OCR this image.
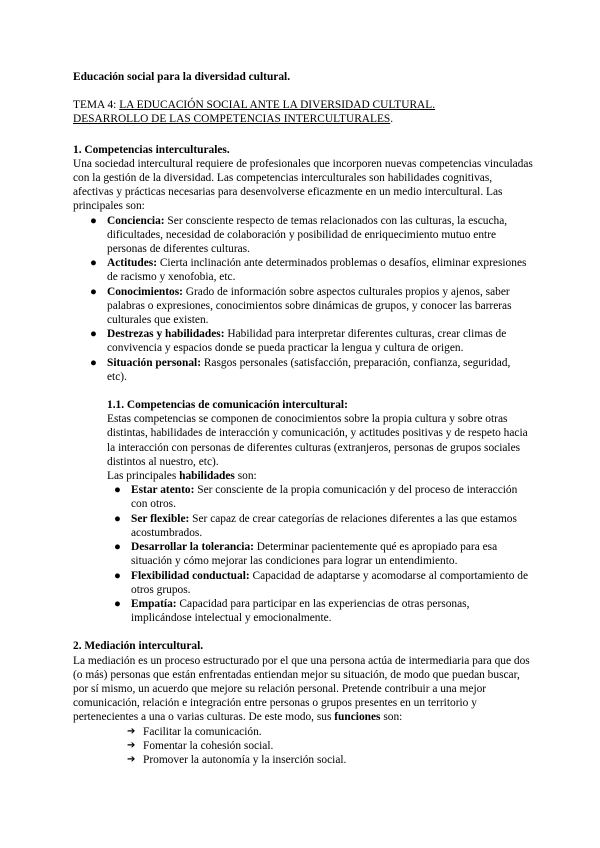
Educación social para la diversidad cultural.

TEMA 4: LA EDUCACIÓN SOCIAL ANTE LA DIVERSIDAD CULTURAL.
DESARROLLO DE LAS COMPETENCIAS INTERCULTURALES.

1. Competencias interculturales.

Una sociedad intercultural requiere de profesionales que incorporen nuevas competencias vinculadas con la gestión de la diversidad. Las competencias interculturales son habilidades cognitivas, afectivas y prácticas necesarias para desenvolverse eficazmente en un medio intercultural. Las principales son:

● Conciencia: Ser consciente respecto de temas relacionados con las culturas, la escucha, dificultades, necesidad de colaboración y posibilidad de enriquecimiento mutuo entre personas de diferentes culturas.
● Actitudes: Cierta inclinación ante determinados problemas o desafíos, eliminar expresiones de racismo y xenofobia, etc.
● Conocimientos: Grado de información sobre aspectos culturales propios y ajenos, saber palabras o expresiones, conocimientos sobre dinámicas de grupos, y conocer las barreras culturales que existen.
● Destrezas y habilidades: Habilidad para interpretar diferentes culturas, crear climas de convivencia y espacios donde se pueda practicar la lengua y cultura de origen.
● Situación personal: Rasgos personales (satisfacción, preparación, confianza, seguridad, etc).

1.1. Competencias de comunicación intercultural:

Estas competencias se componen de conocimientos sobre la propia cultura y sobre otras distintas, habilidades de interacción y comunicación, y actitudes positivas y de respeto hacia la interacción con personas de diferentes culturas (extranjeros, personas de grupos sociales distintos al nuestro, etc).

Las principales habilidades son:

● Estar atento: Ser consciente de la propia comunicación y del proceso de interacción con otros.
● Ser flexible: Ser capaz de crear categorías de relaciones diferentes a las que estamos acostumbrados.
● Desarrollar la tolerancia: Determinar pacientemente qué es apropiado para esa situación y cómo mejorar las condiciones para lograr un entendimiento.
● Flexibilidad conductual: Capacidad de adaptarse y acomodarse al comportamiento de otros grupos.
● Empatía: Capacidad para participar en las experiencias de otras personas, implicándose intelectual y emocionalmente.

2. Mediación intercultural.

La mediación es un proceso estructurado por el que una persona actúa de intermediaria para que dos (o más) personas que están enfrentadas entiendan mejor su situación, de modo que puedan buscar, por sí mismo, un acuerdo que mejore su relación personal. Pretende contribuir a una mejor comunicación, relación e integración entre personas o grupos presentes en un territorio y pertenecientes a una o varias culturas. De este modo, sus funciones son:

➔ Facilitar la comunicación.
➔ Fomentar la cohesión social.
➔ Promover la autonomía y la inserción social.
